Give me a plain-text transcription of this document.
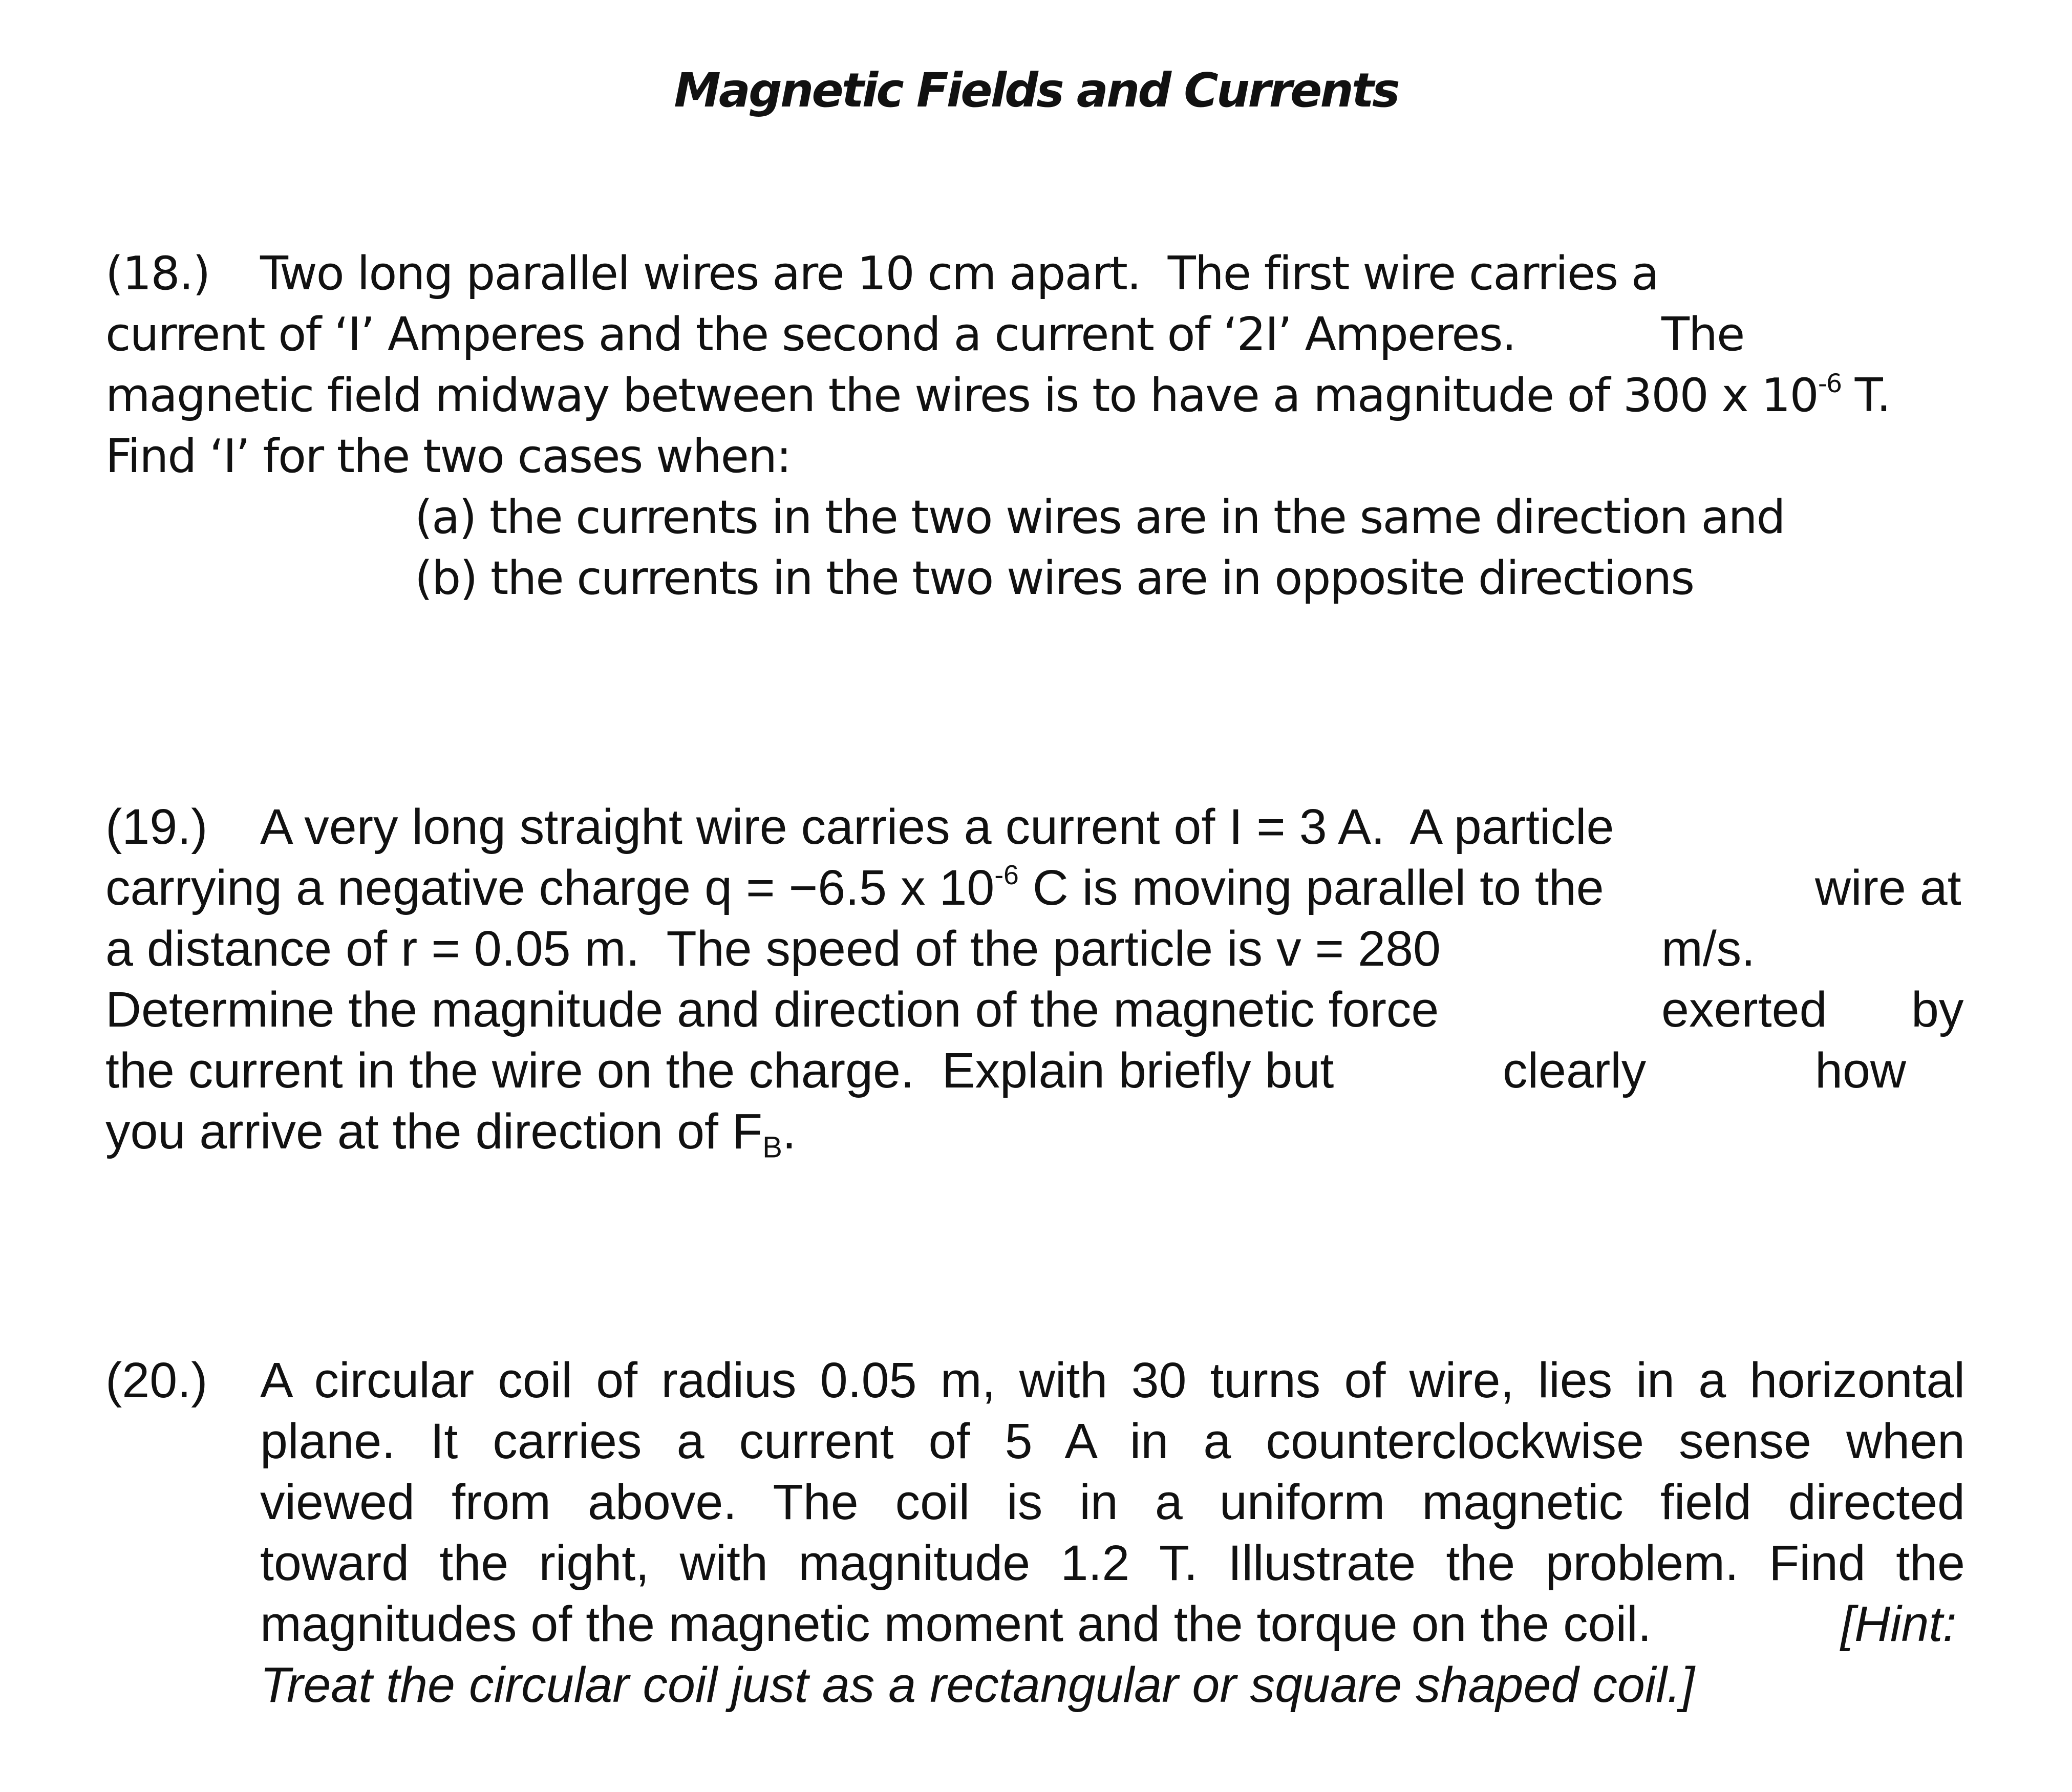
Magnetic Fields and Currents
(18.) Two long parallel wires are 10 cm apart.  The first wire carries a
current of ‘I’ Amperes and the second a current of ‘2I’ Amperes.	The
magnetic field midway between the wires is to have a magnitude of 300 x $10^{-6}$ T.
Find ‘I’ for the two cases when:
(a) the currents in the two wires are in the same direction and
(b) the currents in the two wires are in opposite directions
(19.) A very long straight wire carries a current of I = 3 A.  A particle
carrying a negative charge q = −6.5 x $10^{-6}$ C is moving parallel to the	wire at
a distance of r = 0.05 m.  The speed of the particle is v = 280	m/s.
Determine the magnitude and direction of the magnetic force	exerted by
the current in the wire on the charge.  Explain briefly but	clearly	how
you arrive at the direction of $F_B$.
(20.) A circular coil of radius 0.05 m, with 30 turns of wire, lies in a horizontal
plane. It carries a current of 5 A in a counterclockwise sense when
viewed from above. The coil is in a uniform magnetic field directed
toward the right, with magnitude 1.2 T. Illustrate the problem. Find the
magnitudes of the magnetic moment and the torque on the coil.	[Hint:
Treat the circular coil just as a rectangular or square shaped coil.]
